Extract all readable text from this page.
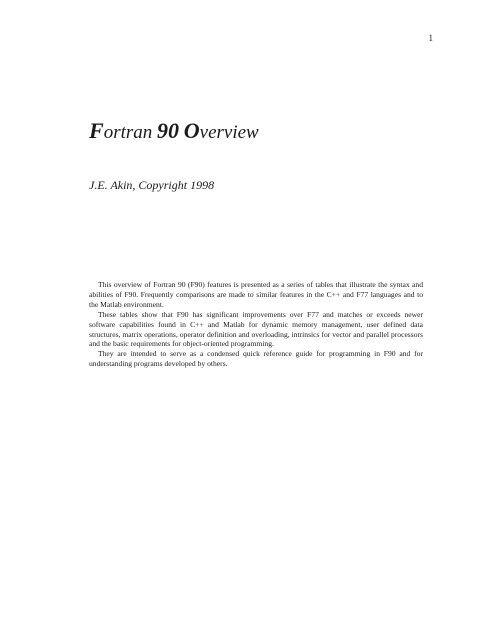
1
Fortran 90 Overview

J.E. Akin, Copyright 1998

This overview of Fortran 90 (F90) features is presented as a series of tables that illustrate the syntax and abilities of F90. Frequently comparisons are made to similar features in the C++ and F77 languages and to the Matlab environment.

These tables show that F90 has significant improvements over F77 and matches or exceeds newer software capabilities found in C++ and Matlab for dynamic memory management, user defined data structures, matrix operations, operator definition and overloading, intrinsics for vector and parallel processors and the basic requirements for object-oriented programming.

They are intended to serve as a condensed quick reference guide for programming in F90 and for understanding programs developed by others.
